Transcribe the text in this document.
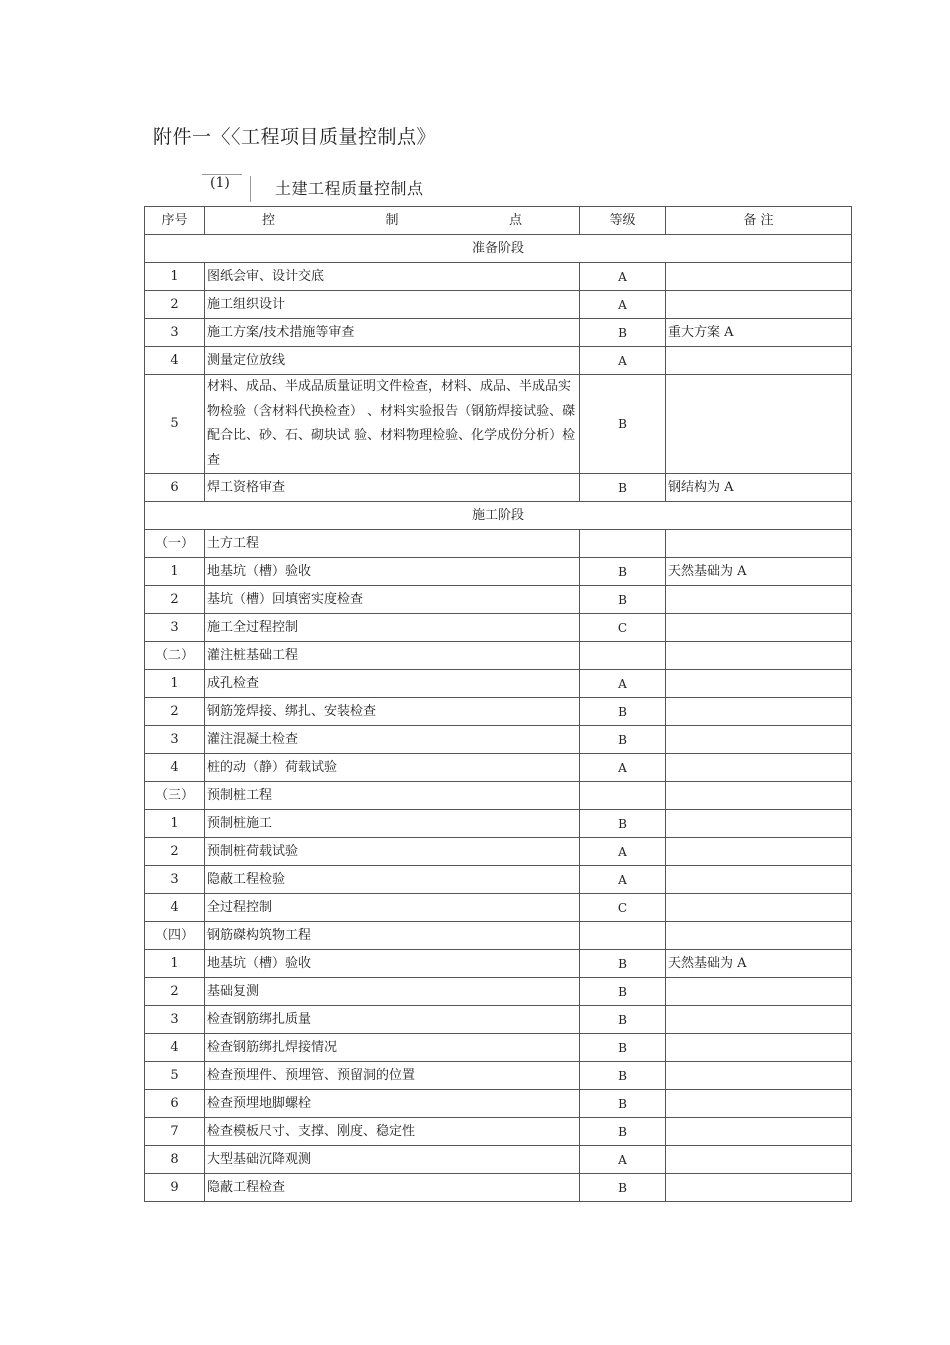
附件一〈〈工程项目质量控制点》
(1)	土建工程质量控制点
序号	控 制 点	等级	备 注
准备阶段			
1	图纸会审、设计交底	A	
2	施工组织设计	A	
3	施工方案/技术措施等审查	B	重大方案 A
4	测量定位放线	A	
5	材料、成品、半成品质量证明文件检查，材料、成品、半成品实物检验（含材料代换检查） 、材料实验报告（钢筋焊接试验、磔配合比、砂、石、砌块试 验、材料物理检验、化学成份分析）检查	B	
6	焊工资格审查	B	钢结构为 A
施工阶段			
（一）	土方工程		
1	地基坑（槽）验收	B	天然基础为 A
2	基坑（槽）回填密实度检查	B	
3	施工全过程控制	C	
（二）	灌注桩基础工程		
1	成孔检查	A	
2	钢筋笼焊接、绑扎、安装检查	B	
3	灌注混凝土检查	B	
4	桩的动（静）荷载试验	A	
（三）	预制桩工程		
1	预制桩施工	B	
2	预制桩荷载试验	A	
3	隐蔽工程检验	A	
4	全过程控制	C	
（四）	钢筋磔构筑物工程		
1	地基坑（槽）验收	B	天然基础为 A
2	基础复测	B	
3	检查钢筋绑扎质量	B	
4	检查钢筋绑扎焊接情况	B	
5	检查预埋件、预埋管、预留洞的位置	B	
6	检查预埋地脚螺栓	B	
7	检查模板尺寸、支撑、刚度、稳定性	B	
8	大型基础沉降观测	A	
9	隐蔽工程检查	B	
